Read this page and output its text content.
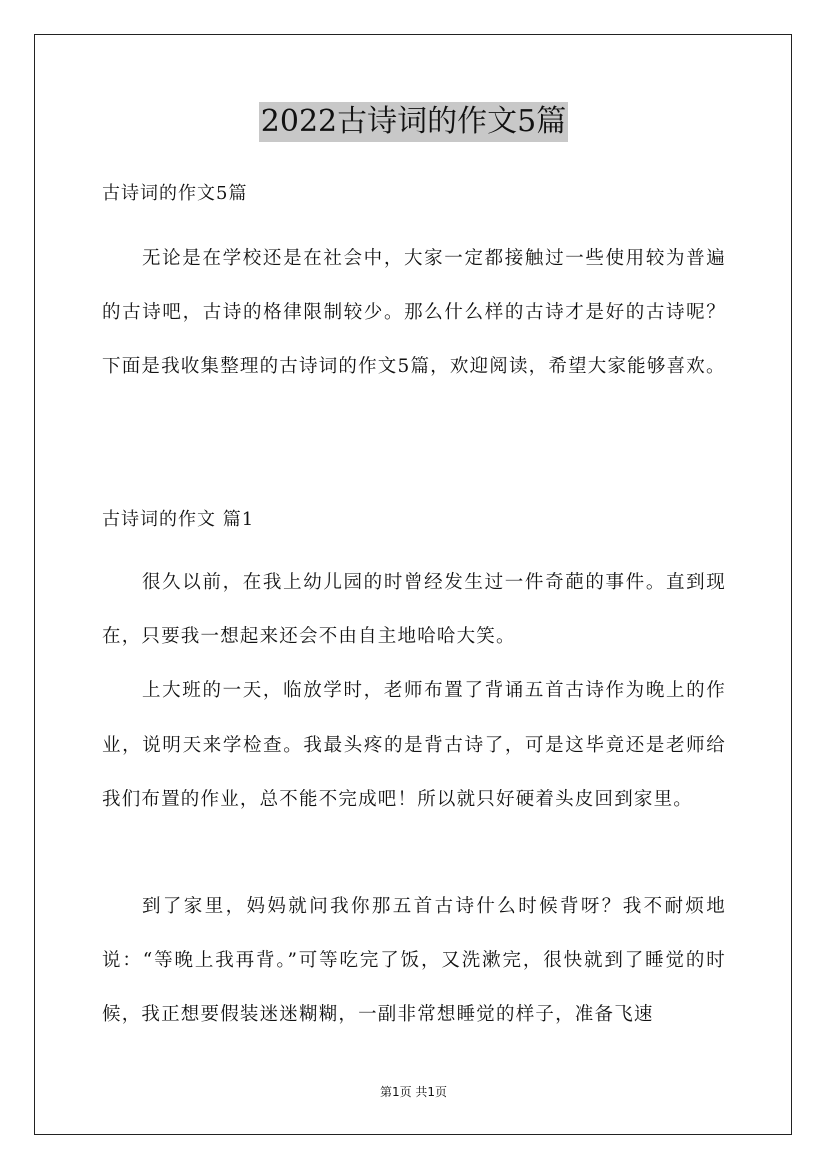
2022古诗词的作文5篇
古诗词的作文5篇

无论是在学校还是在社会中，大家一定都接触过一些使用较为普遍的古诗吧，古诗的格律限制较少。那么什么样的古诗才是好的古诗呢？下面是我收集整理的古诗词的作文5篇，欢迎阅读，希望大家能够喜欢。

古诗词的作文 篇1

很久以前，在我上幼儿园的时曾经发生过一件奇葩的事件。直到现在，只要我一想起来还会不由自主地哈哈大笑。

上大班的一天，临放学时，老师布置了背诵五首古诗作为晚上的作业，说明天来学检查。我最头疼的是背古诗了，可是这毕竟还是老师给我们布置的作业，总不能不完成吧！所以就只好硬着头皮回到家里。

到了家里，妈妈就问我你那五首古诗什么时候背呀？我不耐烦地说：“等晚上我再背。”可等吃完了饭，又洗漱完，很快就到了睡觉的时候，我正想要假装迷迷糊糊，一副非常想睡觉的样子，准备飞速

第1页 共1页
